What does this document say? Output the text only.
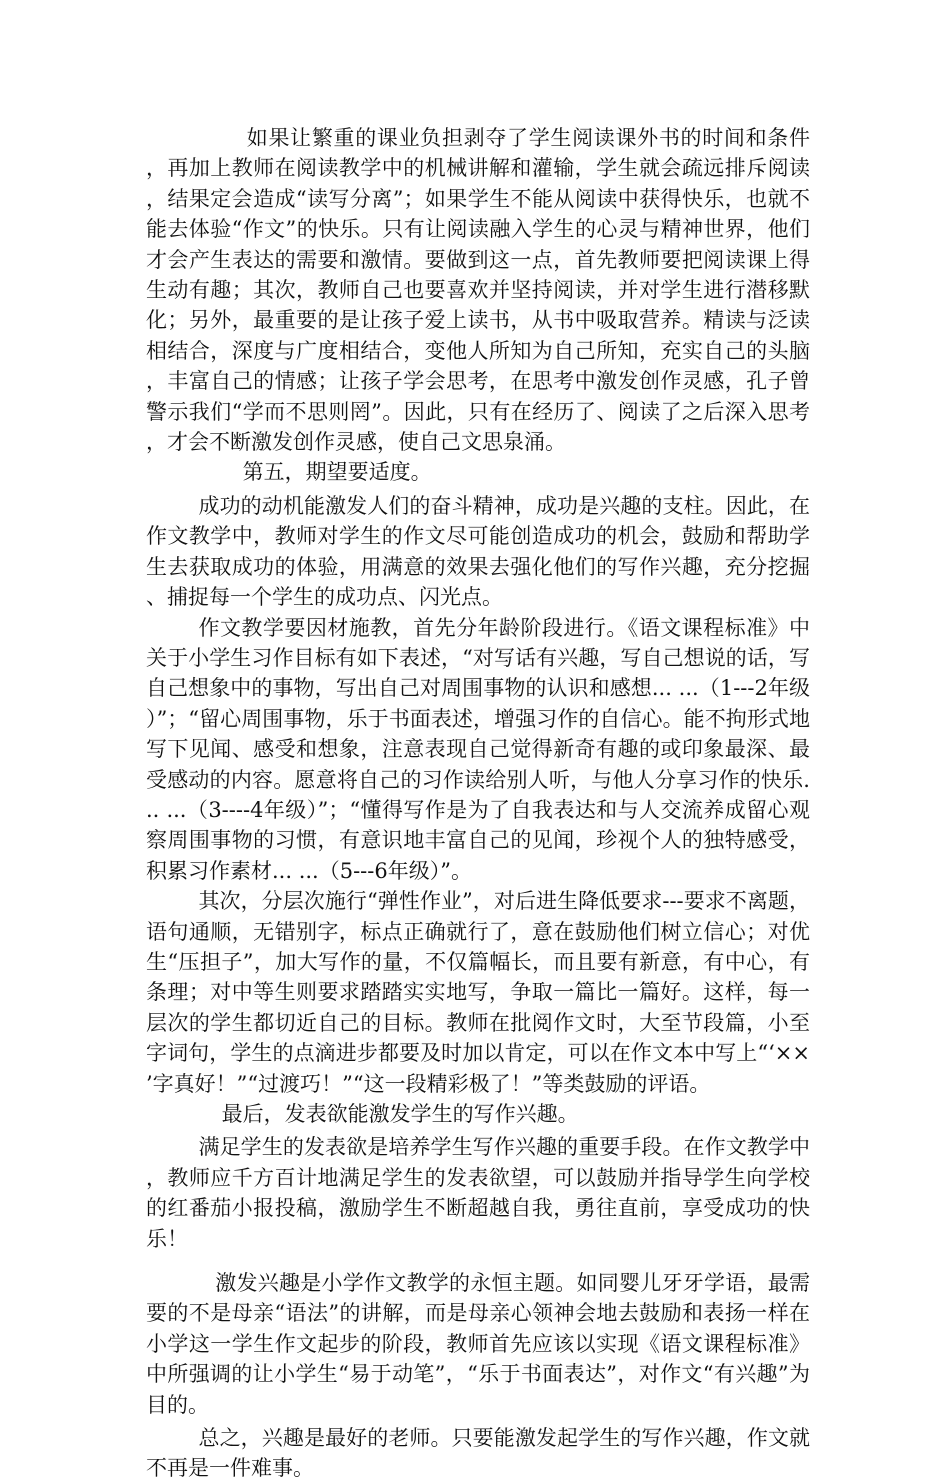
如果让繁重的课业负担剥夺了学生阅读课外书的时间和条件，再加上教师在阅读教学中的机械讲解和灌输，学生就会疏远排斥阅读，结果定会造成“读写分离”；如果学生不能从阅读中获得快乐，也就不能去体验“作文”的快乐。只有让阅读融入学生的心灵与精神世界，他们才会产生表达的需要和激情。要做到这一点，首先教师要把阅读课上得生动有趣；其次，教师自己也要喜欢并坚持阅读，并对学生进行潜移默化；另外，最重要的是让孩子爱上读书，从书中吸取营养。精读与泛读相结合，深度与广度相结合，变他人所知为自己所知，充实自己的头脑，丰富自己的情感；让孩子学会思考，在思考中激发创作灵感，孔子曾警示我们“学而不思则罔”。因此，只有在经历了、阅读了之后深入思考，才会不断激发创作灵感，使自己文思泉涌。

第五，期望要适度。

成功的动机能激发人们的奋斗精神，成功是兴趣的支柱。因此，在作文教学中，教师对学生的作文尽可能创造成功的机会，鼓励和帮助学生去获取成功的体验，用满意的效果去强化他们的写作兴趣，充分挖掘、捕捉每一个学生的成功点、闪光点。

作文教学要因材施教，首先分年龄阶段进行。《语文课程标准》中关于小学生习作目标有如下表述，“对写话有兴趣，写自己想说的话，写自己想象中的事物，写出自己对周围事物的认识和感想... ...（1---2年级）”；“留心周围事物，乐于书面表述，增强习作的自信心。能不拘形式地写下见闻、感受和想象，注意表现自己觉得新奇有趣的或印象最深、最受感动的内容。愿意将自己的习作读给别人听，与他人分享习作的快乐... ...（3----4年级）”；“懂得写作是为了自我表达和与人交流养成留心观察周围事物的习惯，有意识地丰富自己的见闻，珍视个人的独特感受，积累习作素材... ...（5---6年级）”。

其次，分层次施行“弹性作业”，对后进生降低要求---要求不离题，语句通顺，无错别字，标点正确就行了，意在鼓励他们树立信心；对优生“压担子”，加大写作的量，不仅篇幅长，而且要有新意，有中心，有条理；对中等生则要求踏踏实实地写，争取一篇比一篇好。这样，每一层次的学生都切近自己的目标。教师在批阅作文时，大至节段篇，小至字词句，学生的点滴进步都要及时加以肯定，可以在作文本中写上“‘××’字真好！”“过渡巧！”“这一段精彩极了！”等类鼓励的评语。

最后，发表欲能激发学生的写作兴趣。

满足学生的发表欲是培养学生写作兴趣的重要手段。在作文教学中，教师应千方百计地满足学生的发表欲望，可以鼓励并指导学生向学校的红番茄小报投稿，激励学生不断超越自我，勇往直前，享受成功的快乐！

激发兴趣是小学作文教学的永恒主题。如同婴儿牙牙学语，最需要的不是母亲“语法”的讲解，而是母亲心领神会地去鼓励和表扬一样在小学这一学生作文起步的阶段，教师首先应该以实现《语文课程标准》中所强调的让小学生“易于动笔”，“乐于书面表达”，对作文“有兴趣”为目的。

总之，兴趣是最好的老师。只要能激发起学生的写作兴趣，作文就不再是一件难事。
